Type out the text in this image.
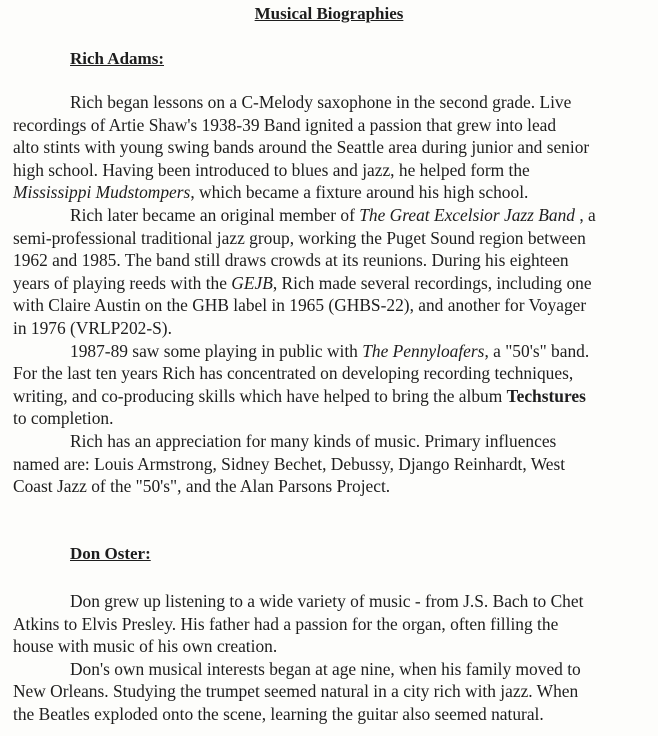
Musical Biographies
Rich Adams:
Rich began lessons on a C-Melody saxophone in the second grade. Live
recordings of Artie Shaw's 1938-39 Band ignited a passion that grew into lead
alto stints with young swing bands around the Seattle area during junior and senior
high school. Having been introduced to blues and jazz, he helped form the
Mississippi Mudstompers, which became a fixture around his high school.
Rich later became an original member of The Great Excelsior Jazz Band , a
semi-professional traditional jazz group, working the Puget Sound region between
1962 and 1985. The band still draws crowds at its reunions. During his eighteen
years of playing reeds with the GEJB, Rich made several recordings, including one
with Claire Austin on the GHB label in 1965 (GHBS-22), and another for Voyager
in 1976 (VRLP202-S).
1987-89 saw some playing in public with The Pennyloafers, a "50's" band.
For the last ten years Rich has concentrated on developing recording techniques,
writing, and co-producing skills which have helped to bring the album Techstures
to completion.
Rich has an appreciation for many kinds of music. Primary influences
named are: Louis Armstrong, Sidney Bechet, Debussy, Django Reinhardt, West
Coast Jazz of the "50's", and the Alan Parsons Project.
Don Oster:
Don grew up listening to a wide variety of music - from J.S. Bach to Chet
Atkins to Elvis Presley. His father had a passion for the organ, often filling the
house with music of his own creation.
Don's own musical interests began at age nine, when his family moved to
New Orleans. Studying the trumpet seemed natural in a city rich with jazz. When
the Beatles exploded onto the scene, learning the guitar also seemed natural.
